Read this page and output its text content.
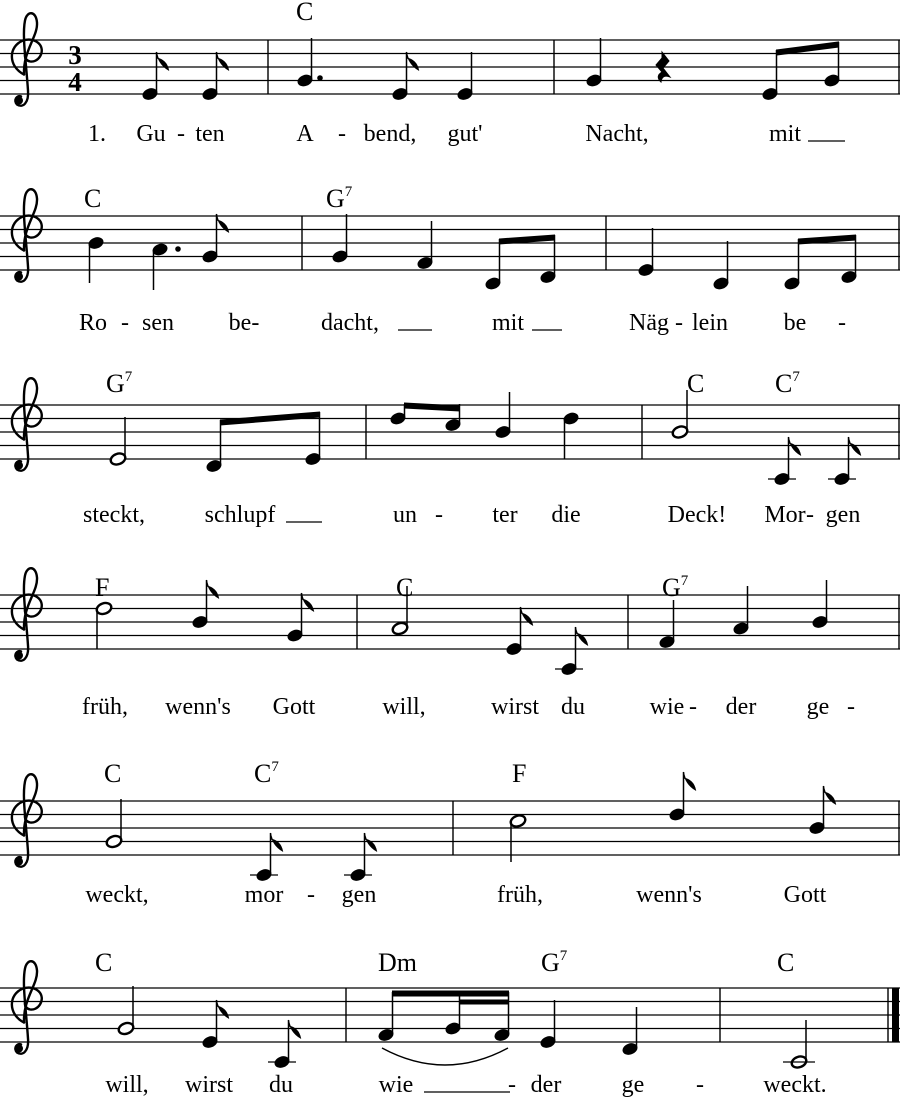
3
4
C
1. Gu - ten	A - bend, gut'	Nacht,	mit
C	$G^7$
Ro - sen be-	dacht,	mit	Näg - lein be -
$G^7$	C	$C^7$
steckt, schlupf	un - ter die	Deck! Mor - gen
F	C	$G^7$
früh, wenn's Gott	will,	wirst du	wie - der ge -
C	$C^7$	F
weckt,	mor - gen	früh,	wenn's	Gott
C	Dm	$G^7$	C
will, wirst du	wie	- der	ge - weckt.
